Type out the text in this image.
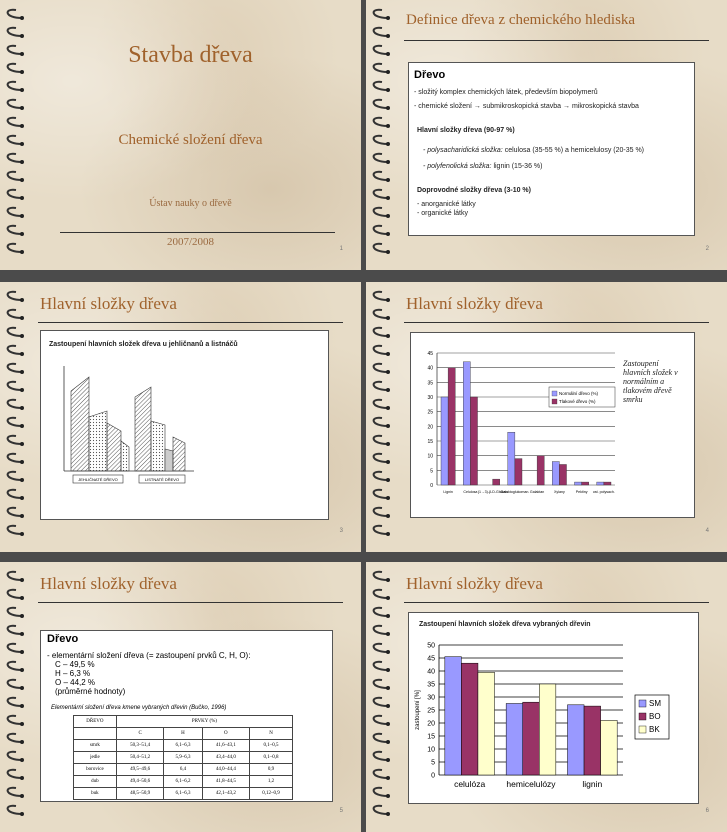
Stavba dřeva
Chemické složení dřeva
Ústav nauky o dřevě
2007/2008
1
Definice dřeva z chemického hlediska
Dřevo
- složitý komplex chemických látek, především biopolymerů
- chemické složení → submikroskopická stavba → mikroskopická stavba
Hlavní složky dřeva (90-97 %)
- polysacharidická složka: celulosa (35-55 %) a hemicelulosy (20-35 %)
- polyfenolická složka: lignin (15-36 %)
Doprovodné složky dřeva (3-10 %)
- anorganické látky
- organické látky
2
Hlavní složky dřeva
Zastoupení hlavních složek dřeva u jehličnanů a listnáčů
JEHLIČNATÉ DŘEVO	LISTNATÉ DŘEVO
3
Hlavní složky dřeva
0
5
10
15
20
25
30
35
40
45
Lignin	Celulosa (1→3)-β-D-Glukan
Galaktoglukoman. Galaktan	Xylany	Pektiny ost. polysach.
Normální dřevo (%)
Tlakové dřevo (%)
Zastoupení
hlavních složek v
normálním a
tlakovém dřevě
smrku
4
Hlavní složky dřeva
Dřevo
- elementární složení dřeva (= zastoupení prvků C, H, O):
C – 49,5 %
H – 6,3 %
O – 44,2 %
(průměrné hodnoty)
Elementární složení dřeva kmene vybraných dřevin (Bučko, 1996)
DŘEVO	PRVKY (%)			
	C	H	O	N
smrk	50,3–51,4	6,1–6,3	41,6–43,1	0,1–0,5
jedle	50,4–51,2	5,9–6,3	43,4–44,0	0,1–0,8
borovice	49,5–49,6	6,4	44,0–44,4	0,9
dub	49,4–50,6	6,1–6,2	41,8–44,5	1,2
buk	48,5–50,9	6,1–6,3	42,1–43,2	0,12–0,9
5
Hlavní složky dřeva
Zastoupení hlavních složek dřeva vybraných dřevin
0
5
10
15
20
25
30
35
40
45
50
zastoupení [%]
celulóza hemicelulózy	lignin
SM
BO
BK
6
